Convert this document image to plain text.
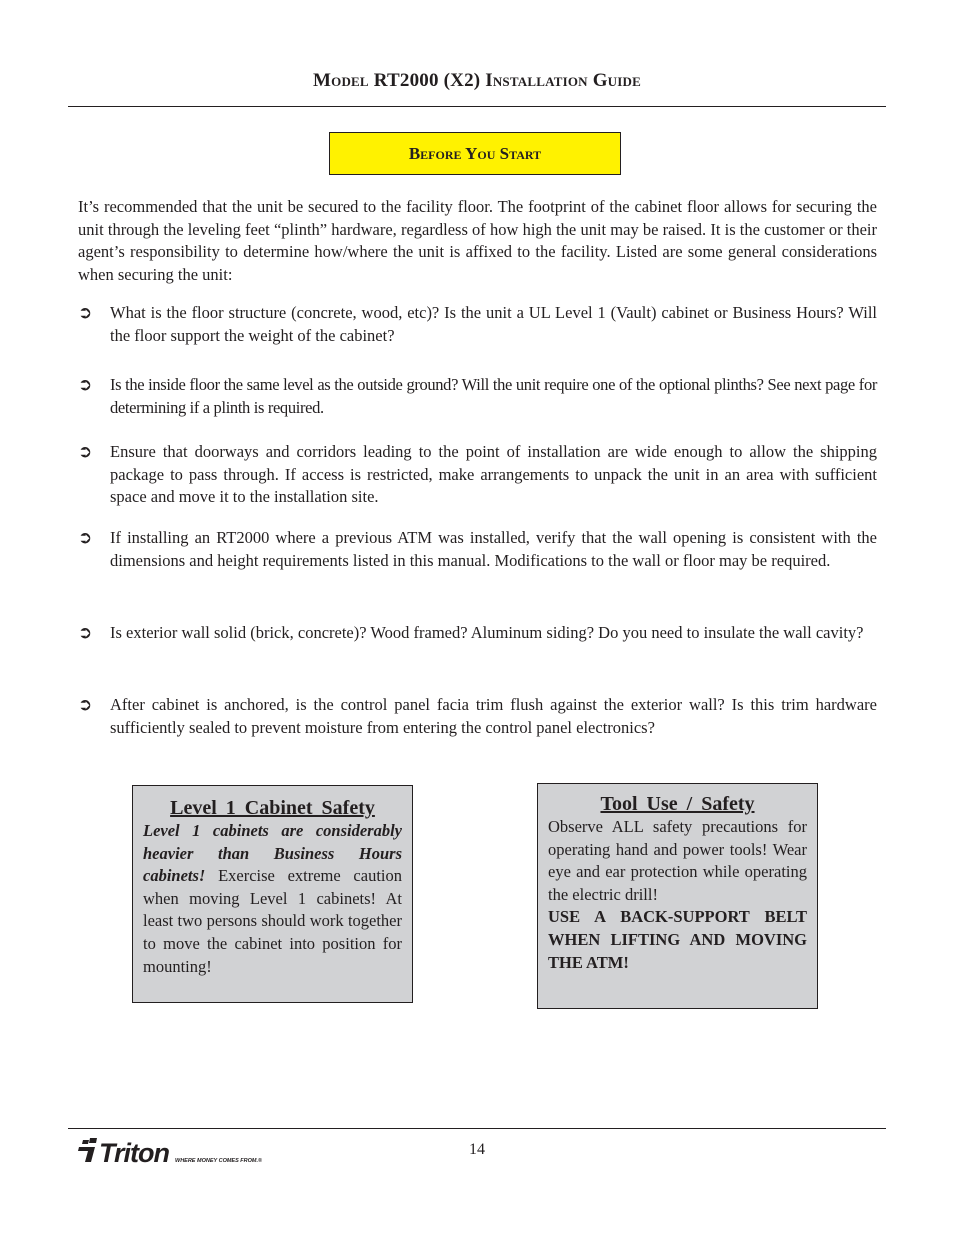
Model RT2000 (X2) Installation Guide
Before You Start

It’s recommended that the unit be secured to the facility floor. The footprint of the cabinet floor allows for securing the unit through the leveling feet “plinth” hardware, regardless of how high the unit may be raised. It is the customer or their agent’s responsibility to determine how/where the unit is affixed to the facility. Listed are some general considerations when securing the unit:

➲ What is the floor structure (concrete, wood, etc)? Is the unit a UL Level 1 (Vault) cabinet or Business Hours? Will the floor support the weight of the cabinet?

➲ Is the inside floor the same level as the outside ground? Will the unit require one of the optional plinths? See next page for determining if a plinth is required.

➲ Ensure that doorways and corridors leading to the point of installation are wide enough to allow the shipping package to pass through. If access is restricted, make arrangements to unpack the unit in an area with sufficient space and move it to the installation site.

➲ If installing an RT2000 where a previous ATM was installed, verify that the wall opening is consistent with the dimensions and height requirements listed in this manual. Modifications to the wall or floor may be required.

➲ Is exterior wall solid (brick, concrete)? Wood framed? Aluminum siding? Do you need to insulate the wall cavity?

➲ After cabinet is anchored, is the control panel facia trim flush against the exterior wall? Is this trim hardware sufficiently sealed to prevent moisture from entering the control panel electronics?

Level 1 Cabinet Safety
Level 1 cabinets are considerably heavier than Business Hours cabinets! Exercise extreme caution when moving Level 1 cabinets! At least two persons should work together to move the cabinet into position for mounting!
Tool Use / Safety
Observe ALL safety precautions for operating hand and power tools! Wear eye and ear protection while operating the electric drill!
USE A BACK-SUPPORT BELT WHEN LIFTING AND MOVING THE ATM!
Triton WHERE MONEY COMES FROM.®
14
